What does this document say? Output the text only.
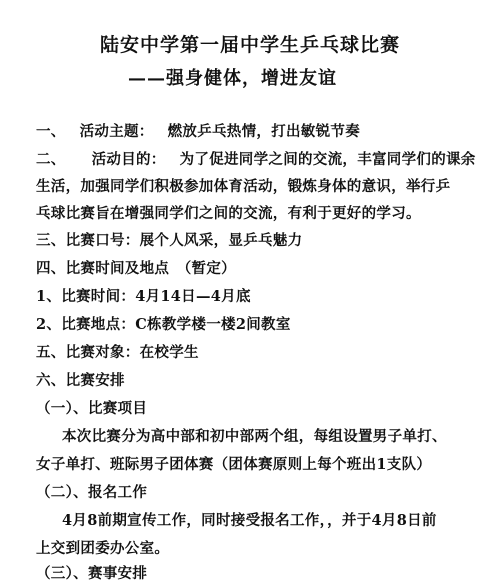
陆安中学第一届中学生乒乓球比赛
——强身健体，增进友谊
一、 活动主题： 燃放乒乓热情，打出敏锐节奏
二、 活动目的： 为了促进同学之间的交流，丰富同学们的课余
生活，加强同学们积极参加体育活动，锻炼身体的意识，举行乒
乓球比赛旨在增强同学们之间的交流，有利于更好的学习。
三、比赛口号：展个人风采，显乒乓魅力
四、比赛时间及地点　（暂定）
1、比赛时间：4月14日—4月底
2、比赛地点：C栋教学楼一楼2间教室
五、比赛对象：在校学生
六、比赛安排
（一）、比赛项目
本次比赛分为高中部和初中部两个组，每组设置男子单打、
女子单打、班际男子团体赛（团体赛原则上每个班出1支队）
（二）、报名工作
4月8前期宣传工作，同时接受报名工作，，并于4月8日前
上交到团委办公室。
（三）、赛事安排
